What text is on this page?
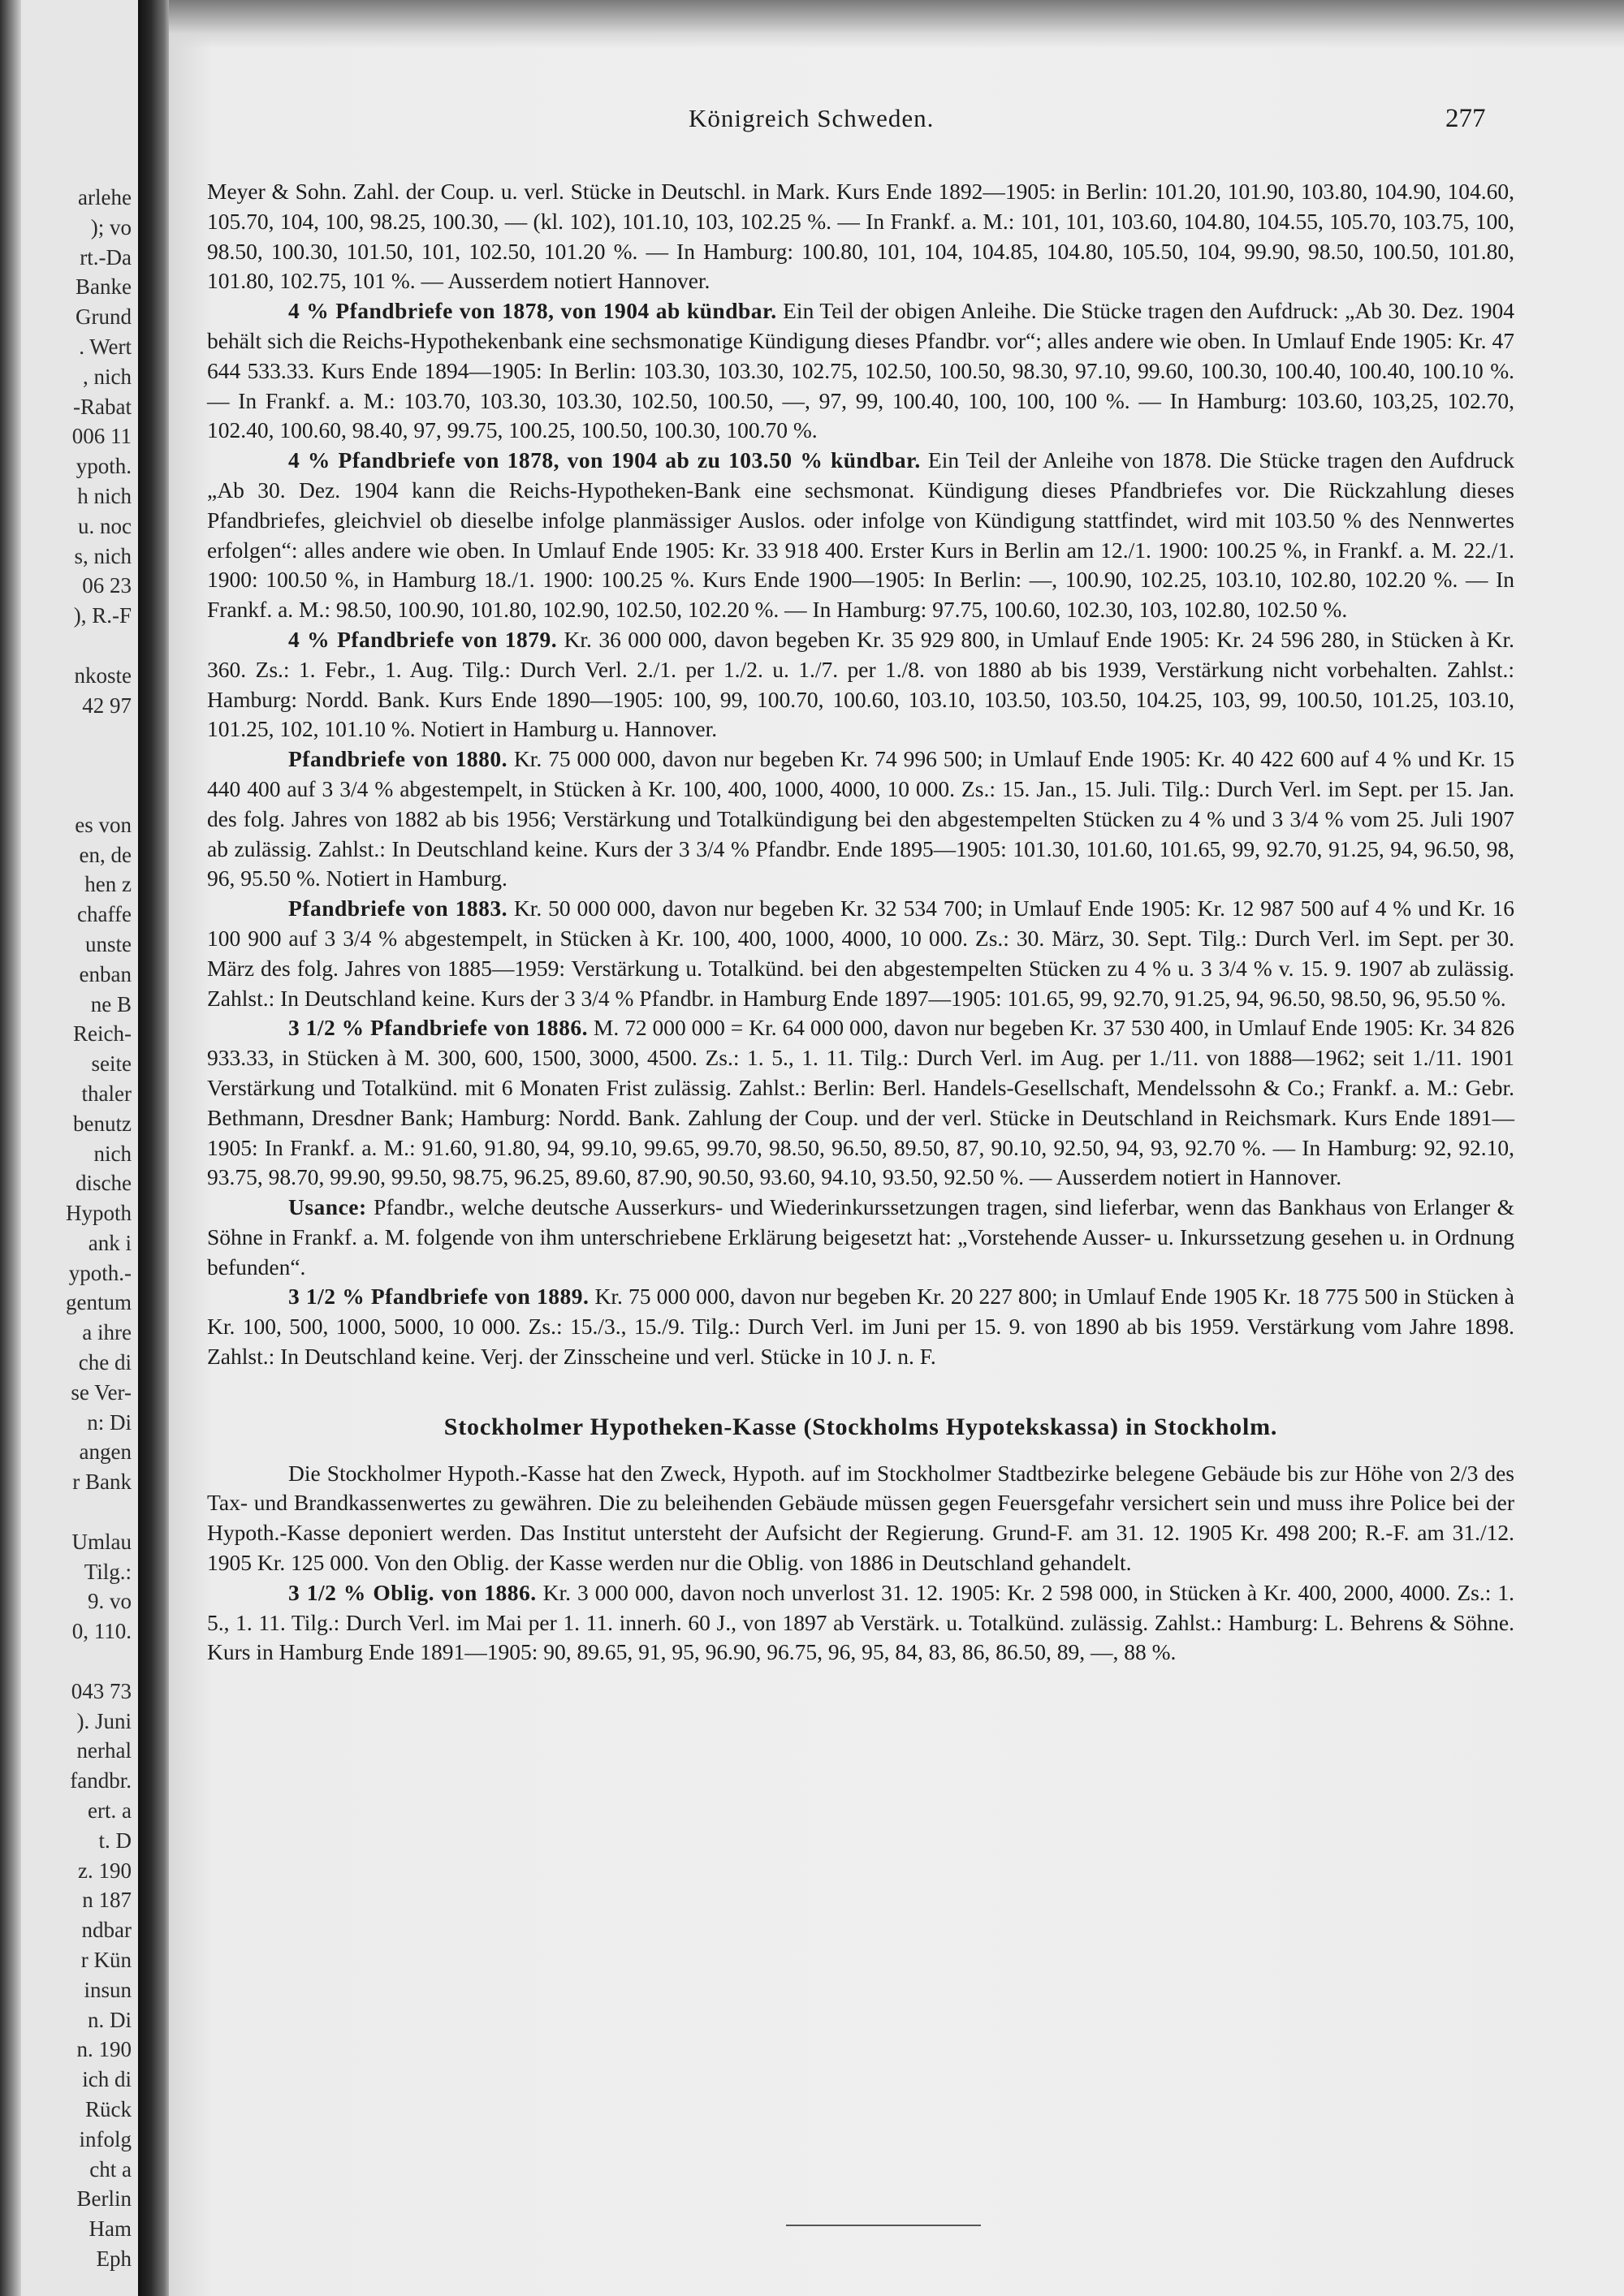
arlehe
); vo
rt.-Da
Banke
Grund
. Wert
, nich
-Rabat
006 11
ypoth.
h nich
u. noc
s, nich
06 23
), R.-F
nkoste
42 97
es von
en, de
hen z
chaffe
unste
enban
ne B
Reich-
seite
thaler
benutz
nich
dische
Hypoth
ank i
ypoth.-
gentum
a ihre
che di
se Ver-
n: Di
angen
r Bank
Umlau
Tilg.:
9. vo
0, 110.
043 73
). Juni
nerhal
fandbr.
ert. a
t. D
z. 190
n 187
ndbar
r Kün
insun
n. Di
n. 190
ich di
Rück
infolg
cht a
Berlin
Ham
Eph
Königreich Schweden.	277

Meyer & Sohn. Zahl. der Coup. u. verl. Stücke in Deutschl. in Mark. Kurs Ende 1892—1905: in Berlin: 101.20, 101.90, 103.80, 104.90, 104.60, 105.70, 104, 100, 98.25, 100.30, — (kl. 102), 101.10, 103, 102.25 %. — In Frankf. a. M.: 101, 101, 103.60, 104.80, 104.55, 105.70, 103.75, 100, 98.50, 100.30, 101.50, 101, 102.50, 101.20 %. — In Hamburg: 100.80, 101, 104, 104.85, 104.80, 105.50, 104, 99.90, 98.50, 100.50, 101.80, 101.80, 102.75, 101 %. — Ausserdem notiert Hannover.

4 % Pfandbriefe von 1878, von 1904 ab kündbar. Ein Teil der obigen Anleihe. Die Stücke tragen den Aufdruck: „Ab 30. Dez. 1904 behält sich die Reichs-Hypothekenbank eine sechsmonatige Kündigung dieses Pfandbr. vor“; alles andere wie oben. In Umlauf Ende 1905: Kr. 47 644 533.33. Kurs Ende 1894—1905: In Berlin: 103.30, 103.30, 102.75, 102.50, 100.50, 98.30, 97.10, 99.60, 100.30, 100.40, 100.40, 100.10 %. — In Frankf. a. M.: 103.70, 103.30, 103.30, 102.50, 100.50, —, 97, 99, 100.40, 100, 100, 100 %. — In Hamburg: 103.60, 103,25, 102.70, 102.40, 100.60, 98.40, 97, 99.75, 100.25, 100.50, 100.30, 100.70 %.

4 % Pfandbriefe von 1878, von 1904 ab zu 103.50 % kündbar. Ein Teil der Anleihe von 1878. Die Stücke tragen den Aufdruck „Ab 30. Dez. 1904 kann die Reichs-Hypotheken-Bank eine sechsmonat. Kündigung dieses Pfandbriefes vor. Die Rückzahlung dieses Pfandbriefes, gleichviel ob dieselbe infolge planmässiger Auslos. oder infolge von Kündigung stattfindet, wird mit 103.50 % des Nennwertes erfolgen“: alles andere wie oben. In Umlauf Ende 1905: Kr. 33 918 400. Erster Kurs in Berlin am 12./1. 1900: 100.25 %, in Frankf. a. M. 22./1. 1900: 100.50 %, in Hamburg 18./1. 1900: 100.25 %. Kurs Ende 1900—1905: In Berlin: —, 100.90, 102.25, 103.10, 102.80, 102.20 %. — In Frankf. a. M.: 98.50, 100.90, 101.80, 102.90, 102.50, 102.20 %. — In Hamburg: 97.75, 100.60, 102.30, 103, 102.80, 102.50 %.

4 % Pfandbriefe von 1879. Kr. 36 000 000, davon begeben Kr. 35 929 800, in Umlauf Ende 1905: Kr. 24 596 280, in Stücken à Kr. 360. Zs.: 1. Febr., 1. Aug. Tilg.: Durch Verl. 2./1. per 1./2. u. 1./7. per 1./8. von 1880 ab bis 1939, Verstärkung nicht vorbehalten. Zahlst.: Hamburg: Nordd. Bank. Kurs Ende 1890—1905: 100, 99, 100.70, 100.60, 103.10, 103.50, 103.50, 104.25, 103, 99, 100.50, 101.25, 103.10, 101.25, 102, 101.10 %. Notiert in Hamburg u. Hannover.

Pfandbriefe von 1880. Kr. 75 000 000, davon nur begeben Kr. 74 996 500; in Umlauf Ende 1905: Kr. 40 422 600 auf 4 % und Kr. 15 440 400 auf 3 3/4 % abgestempelt, in Stücken à Kr. 100, 400, 1000, 4000, 10 000. Zs.: 15. Jan., 15. Juli. Tilg.: Durch Verl. im Sept. per 15. Jan. des folg. Jahres von 1882 ab bis 1956; Verstärkung und Totalkündigung bei den abgestempelten Stücken zu 4 % und 3 3/4 % vom 25. Juli 1907 ab zulässig. Zahlst.: In Deutschland keine. Kurs der 3 3/4 % Pfandbr. Ende 1895—1905: 101.30, 101.60, 101.65, 99, 92.70, 91.25, 94, 96.50, 98, 96, 95.50 %. Notiert in Hamburg.

Pfandbriefe von 1883. Kr. 50 000 000, davon nur begeben Kr. 32 534 700; in Umlauf Ende 1905: Kr. 12 987 500 auf 4 % und Kr. 16 100 900 auf 3 3/4 % abgestempelt, in Stücken à Kr. 100, 400, 1000, 4000, 10 000. Zs.: 30. März, 30. Sept. Tilg.: Durch Verl. im Sept. per 30. März des folg. Jahres von 1885—1959: Verstärkung u. Totalkünd. bei den abgestempelten Stücken zu 4 % u. 3 3/4 % v. 15. 9. 1907 ab zulässig. Zahlst.: In Deutschland keine. Kurs der 3 3/4 % Pfandbr. in Hamburg Ende 1897—1905: 101.65, 99, 92.70, 91.25, 94, 96.50, 98.50, 96, 95.50 %.

3 1/2 % Pfandbriefe von 1886. M. 72 000 000 = Kr. 64 000 000, davon nur begeben Kr. 37 530 400, in Umlauf Ende 1905: Kr. 34 826 933.33, in Stücken à M. 300, 600, 1500, 3000, 4500. Zs.: 1. 5., 1. 11. Tilg.: Durch Verl. im Aug. per 1./11. von 1888—1962; seit 1./11. 1901 Verstärkung und Totalkünd. mit 6 Monaten Frist zulässig. Zahlst.: Berlin: Berl. Handels-Gesellschaft, Mendelssohn & Co.; Frankf. a. M.: Gebr. Bethmann, Dresdner Bank; Hamburg: Nordd. Bank. Zahlung der Coup. und der verl. Stücke in Deutschland in Reichsmark. Kurs Ende 1891—1905: In Frankf. a. M.: 91.60, 91.80, 94, 99.10, 99.65, 99.70, 98.50, 96.50, 89.50, 87, 90.10, 92.50, 94, 93, 92.70 %. — In Hamburg: 92, 92.10, 93.75, 98.70, 99.90, 99.50, 98.75, 96.25, 89.60, 87.90, 90.50, 93.60, 94.10, 93.50, 92.50 %. — Ausserdem notiert in Hannover.

Usance: Pfandbr., welche deutsche Ausserkurs- und Wiederinkurssetzungen tragen, sind lieferbar, wenn das Bankhaus von Erlanger & Söhne in Frankf. a. M. folgende von ihm unterschriebene Erklärung beigesetzt hat: „Vorstehende Ausser- u. Inkurssetzung gesehen u. in Ordnung befunden“.

3 1/2 % Pfandbriefe von 1889. Kr. 75 000 000, davon nur begeben Kr. 20 227 800; in Umlauf Ende 1905 Kr. 18 775 500 in Stücken à Kr. 100, 500, 1000, 5000, 10 000. Zs.: 15./3., 15./9. Tilg.: Durch Verl. im Juni per 15. 9. von 1890 ab bis 1959. Verstärkung vom Jahre 1898. Zahlst.: In Deutschland keine. Verj. der Zinsscheine und verl. Stücke in 10 J. n. F.

Stockholmer Hypotheken-Kasse (Stockholms Hypotekskassa) in Stockholm.

Die Stockholmer Hypoth.-Kasse hat den Zweck, Hypoth. auf im Stockholmer Stadtbezirke belegene Gebäude bis zur Höhe von 2/3 des Tax- und Brandkassenwertes zu gewähren. Die zu beleihenden Gebäude müssen gegen Feuersgefahr versichert sein und muss ihre Police bei der Hypoth.-Kasse deponiert werden. Das Institut untersteht der Aufsicht der Regierung. Grund-F. am 31. 12. 1905 Kr. 498 200; R.-F. am 31./12. 1905 Kr. 125 000. Von den Oblig. der Kasse werden nur die Oblig. von 1886 in Deutschland gehandelt.

3 1/2 % Oblig. von 1886. Kr. 3 000 000, davon noch unverlost 31. 12. 1905: Kr. 2 598 000, in Stücken à Kr. 400, 2000, 4000. Zs.: 1. 5., 1. 11. Tilg.: Durch Verl. im Mai per 1. 11. innerh. 60 J., von 1897 ab Verstärk. u. Totalkünd. zulässig. Zahlst.: Hamburg: L. Behrens & Söhne. Kurs in Hamburg Ende 1891—1905: 90, 89.65, 91, 95, 96.90, 96.75, 96, 95, 84, 83, 86, 86.50, 89, —, 88 %.
